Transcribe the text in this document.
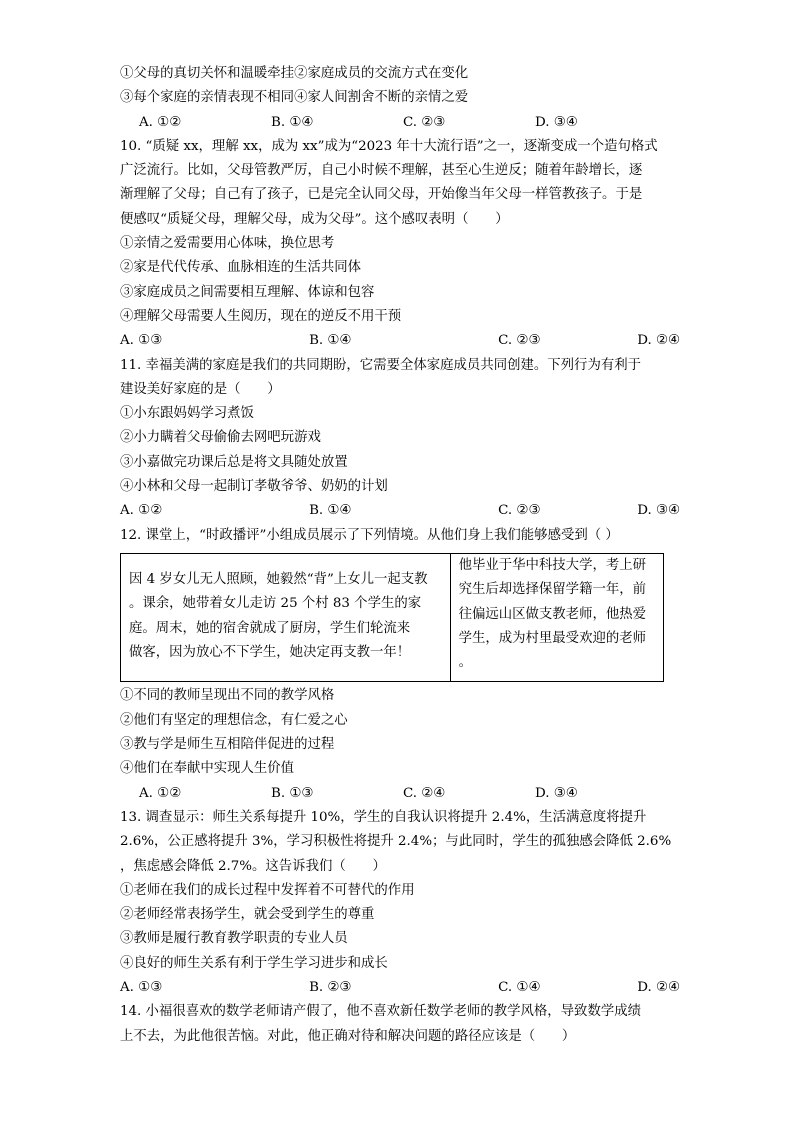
①父母的真切关怀和温暖牵挂②家庭成员的交流方式在变化
③每个家庭的亲情表现不相同④家人间割舍不断的亲情之爱
A. ①②	B. ①④	C. ②③	D. ③④
10. “质疑 xx，理解 xx，成为 xx”成为“2023 年十大流行语”之一，逐渐变成一个造句格式
广泛流行。比如，父母管教严厉，自己小时候不理解，甚至心生逆反；随着年龄增长，逐
渐理解了父母；自己有了孩子，已是完全认同父母，开始像当年父母一样管教孩子。于是
便感叹“质疑父母，理解父母，成为父母”。这个感叹表明（　　）
①亲情之爱需要用心体味，换位思考
②家是代代传承、血脉相连的生活共同体
③家庭成员之间需要相互理解、体谅和包容
④理解父母需要人生阅历，现在的逆反不用干预
A. ①③	B. ①④	C. ②③	D. ②④
11. 幸福美满的家庭是我们的共同期盼，它需要全体家庭成员共同创建。下列行为有利于
建设美好家庭的是（　　）
①小东跟妈妈学习煮饭
②小力瞒着父母偷偷去网吧玩游戏
③小嘉做完功课后总是将文具随处放置
④小林和父母一起制订孝敬爷爷、奶奶的计划
A. ①②	B. ①④	C. ②③	D. ③④
12. 课堂上，“时政播评”小组成员展示了下列情境。从他们身上我们能够感受到（ ）
因 4 岁女儿无人照顾，她毅然“背”上女儿一起支教
。课余，她带着女儿走访 25 个村 83 个学生的家
庭。周末，她的宿舍就成了厨房，学生们轮流来
做客，因为放心不下学生，她决定再支教一年！

他毕业于华中科技大学，考上研
究生后却选择保留学籍一年，前
往偏远山区做支教老师，他热爱
学生，成为村里最受欢迎的老师
。
①不同的教师呈现出不同的教学风格
②他们有坚定的理想信念，有仁爱之心
③教与学是师生互相陪伴促进的过程
④他们在奉献中实现人生价值
A. ①②	B. ①③	C. ②④	D. ③④
13. 调查显示：师生关系每提升 10%，学生的自我认识将提升 2.4%，生活满意度将提升
2.6%，公正感将提升 3%，学习积极性将提升 2.4%；与此同时，学生的孤独感会降低 2.6%
，焦虑感会降低 2.7%。这告诉我们（　　）
①老师在我们的成长过程中发挥着不可替代的作用
②老师经常表扬学生，就会受到学生的尊重
③教师是履行教育教学职责的专业人员
④良好的师生关系有利于学生学习进步和成长
A. ①③	B. ②③	C. ①④	D. ②④
14. 小福很喜欢的数学老师请产假了，他不喜欢新任数学老师的教学风格，导致数学成绩
上不去，为此他很苦恼。对此，他正确对待和解决问题的路径应该是（　　）
